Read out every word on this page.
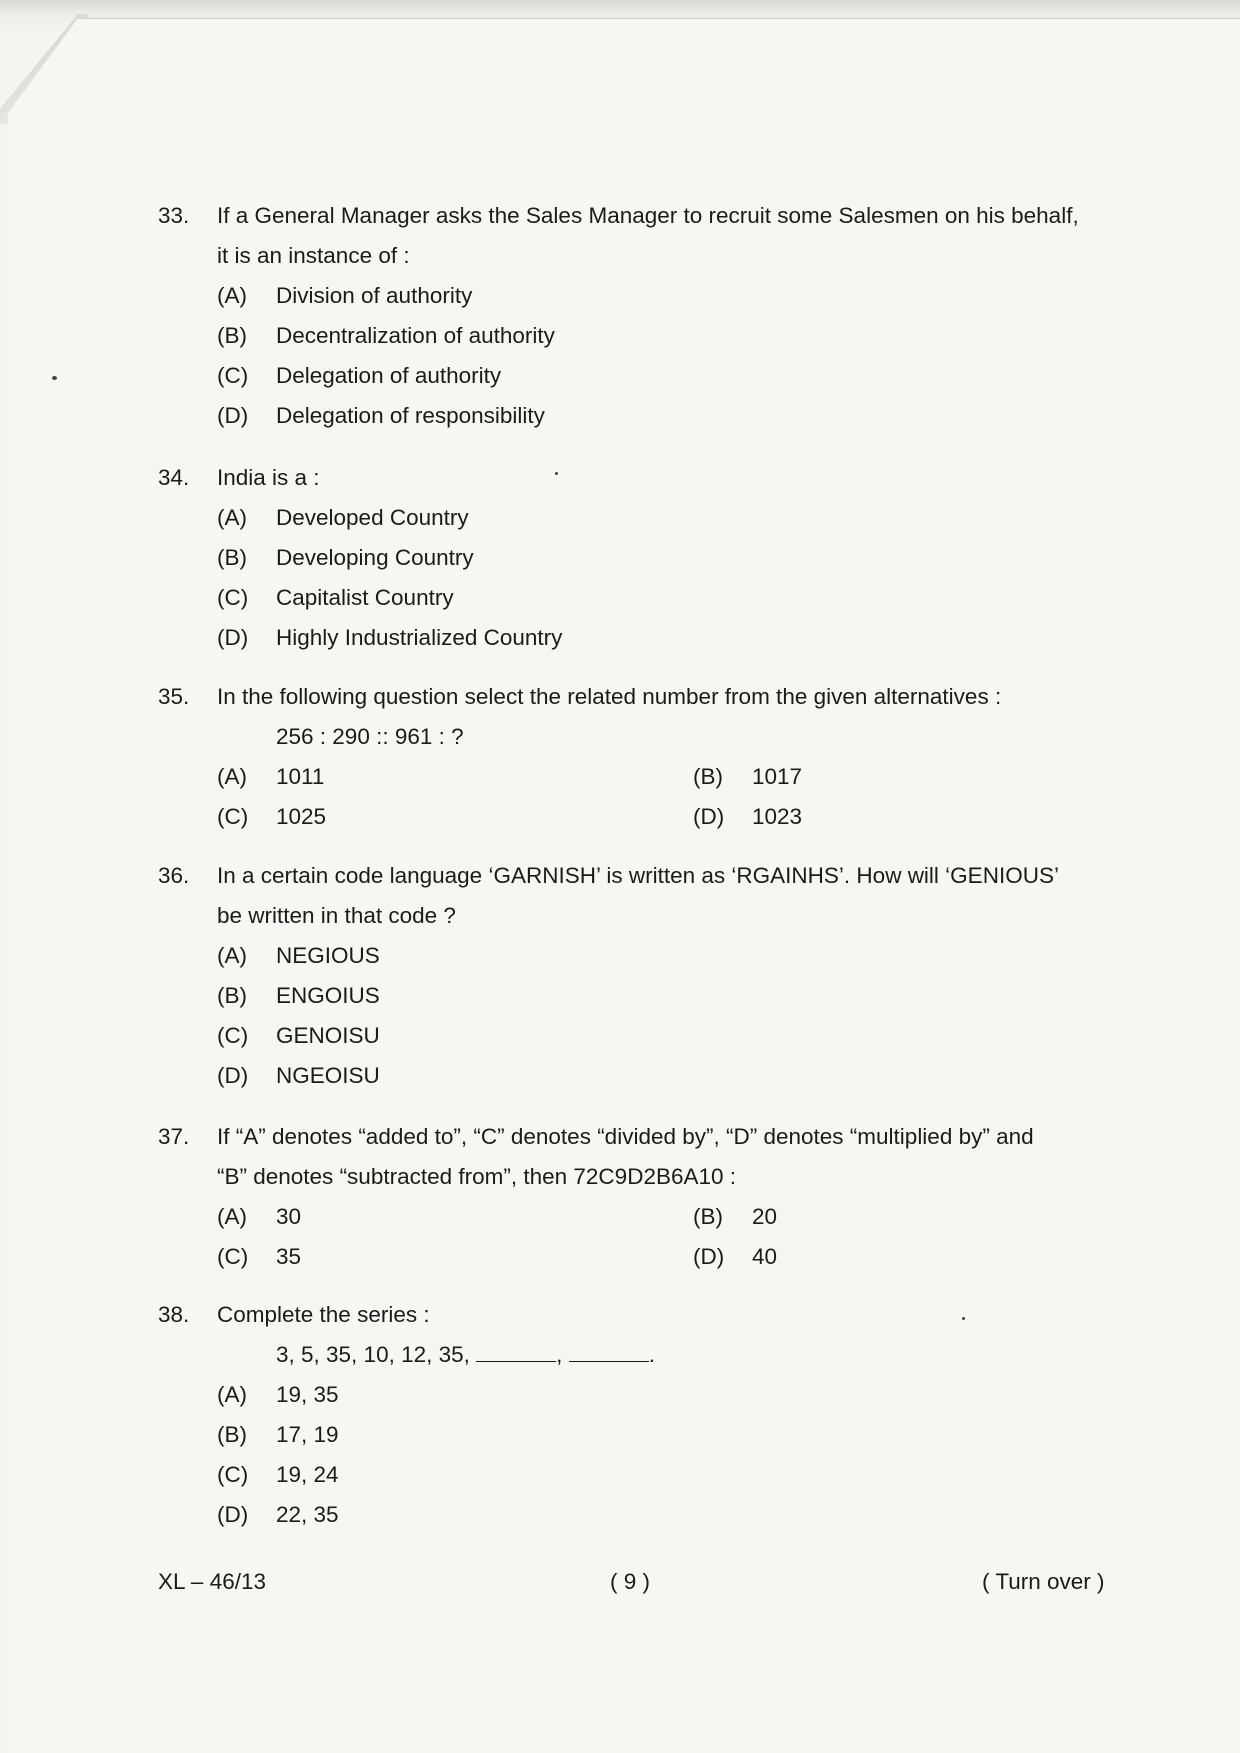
33. If a General Manager asks the Sales Manager to recruit some Salesmen on his behalf,
it is an instance of :
(A) Division of authority
(B) Decentralization of authority
(C) Delegation of authority
(D) Delegation of responsibility
34. India is a :
(A) Developed Country
(B) Developing Country
(C) Capitalist Country
(D) Highly Industrialized Country
35. In the following question select the related number from the given alternatives :
256 : 290 :: 961 : ?
(A) 1011	(B) 1017
(C) 1025	(D) 1023
36. In a certain code language ‘GARNISH’ is written as ‘RGAINHS’. How will ‘GENIOUS’
be written in that code ?
(A) NEGIOUS
(B) ENGOIUS
(C) GENOISU
(D) NGEOISU
37. If “A” denotes “added to”, “C” denotes “divided by”, “D” denotes “multiplied by” and
“B” denotes “subtracted from”, then 72C9D2B6A10 :
(A) 30	(B) 20
(C) 35	(D) 40
38. Complete the series :
3, 5, 35, 10, 12, 35,	,	.
(A) 19, 35
(B) 17, 19
(C) 19, 24
(D) 22, 35
XL – 46/13	( 9 )	( Turn over )
